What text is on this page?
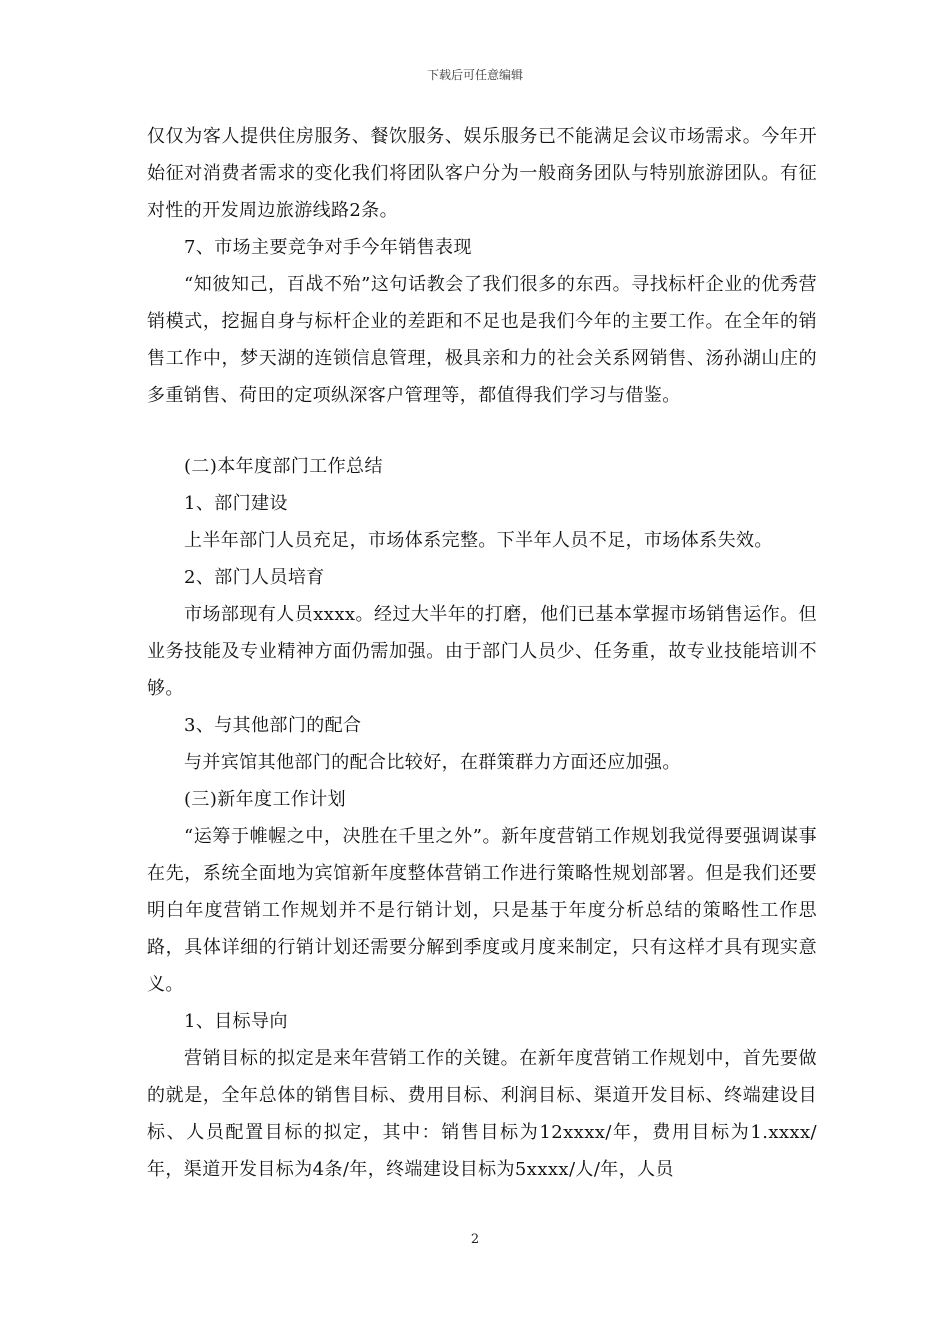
下载后可任意编辑

仅仅为客人提供住房服务、餐饮服务、娱乐服务已不能满足会议市场需求。今年开始征对消费者需求的变化我们将团队客户分为一般商务团队与特别旅游团队。有征对性的开发周边旅游线路2条。

7、市场主要竞争对手今年销售表现

“知彼知己，百战不殆”这句话教会了我们很多的东西。寻找标杆企业的优秀营销模式，挖掘自身与标杆企业的差距和不足也是我们今年的主要工作。在全年的销售工作中，梦天湖的连锁信息管理，极具亲和力的社会关系网销售、汤孙湖山庄的多重销售、荷田的定项纵深客户管理等，都值得我们学习与借鉴。

(二)本年度部门工作总结

1、部门建设

上半年部门人员充足，市场体系完整。下半年人员不足，市场体系失效。

2、部门人员培育

市场部现有人员xxxx。经过大半年的打磨，他们已基本掌握市场销售运作。但业务技能及专业精神方面仍需加强。由于部门人员少、任务重，故专业技能培训不够。

3、与其他部门的配合

与并宾馆其他部门的配合比较好，在群策群力方面还应加强。

(三)新年度工作计划

“运筹于帷幄之中，决胜在千里之外”。新年度营销工作规划我觉得要强调谋事在先，系统全面地为宾馆新年度整体营销工作进行策略性规划部署。但是我们还要明白年度营销工作规划并不是行销计划，只是基于年度分析总结的策略性工作思路，具体详细的行销计划还需要分解到季度或月度来制定，只有这样才具有现实意义。

1、目标导向

营销目标的拟定是来年营销工作的关键。在新年度营销工作规划中，首先要做的就是，全年总体的销售目标、费用目标、利润目标、渠道开发目标、终端建设目标、人员配置目标的拟定，其中：销售目标为12xxxx/年，费用目标为1.xxxx/年，渠道开发目标为4条/年，终端建设目标为5xxxx/人/年，人员

2
